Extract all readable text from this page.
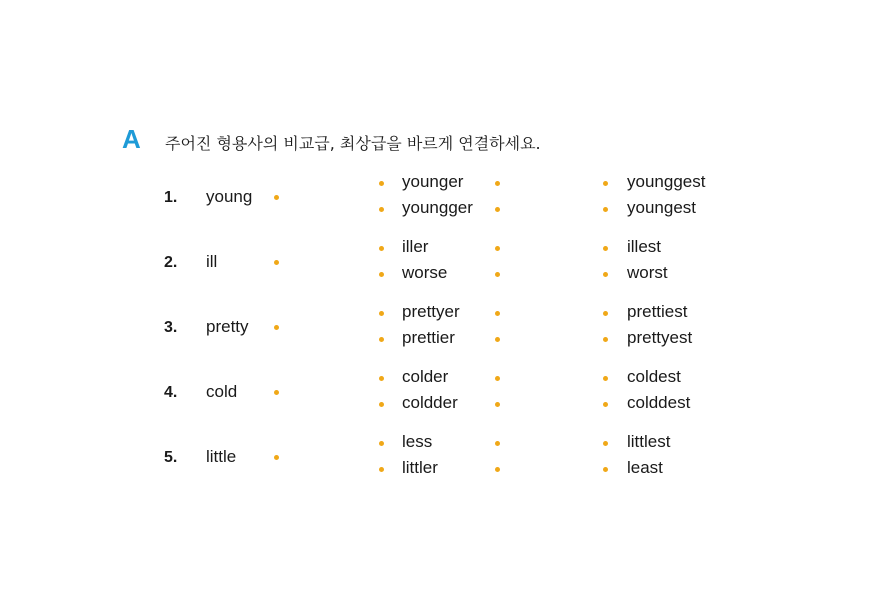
A 주어진 형용사의 비교급, 최상급을 바르게 연결하세요.
1. young
younger	younggest
youngger	youngest
2. ill
iller	illest
worse	worst
3. pretty
prettyer	prettiest
prettier	prettyest
4. cold
colder	coldest
coldder	colddest
5. little
less	littlest
littler	least
